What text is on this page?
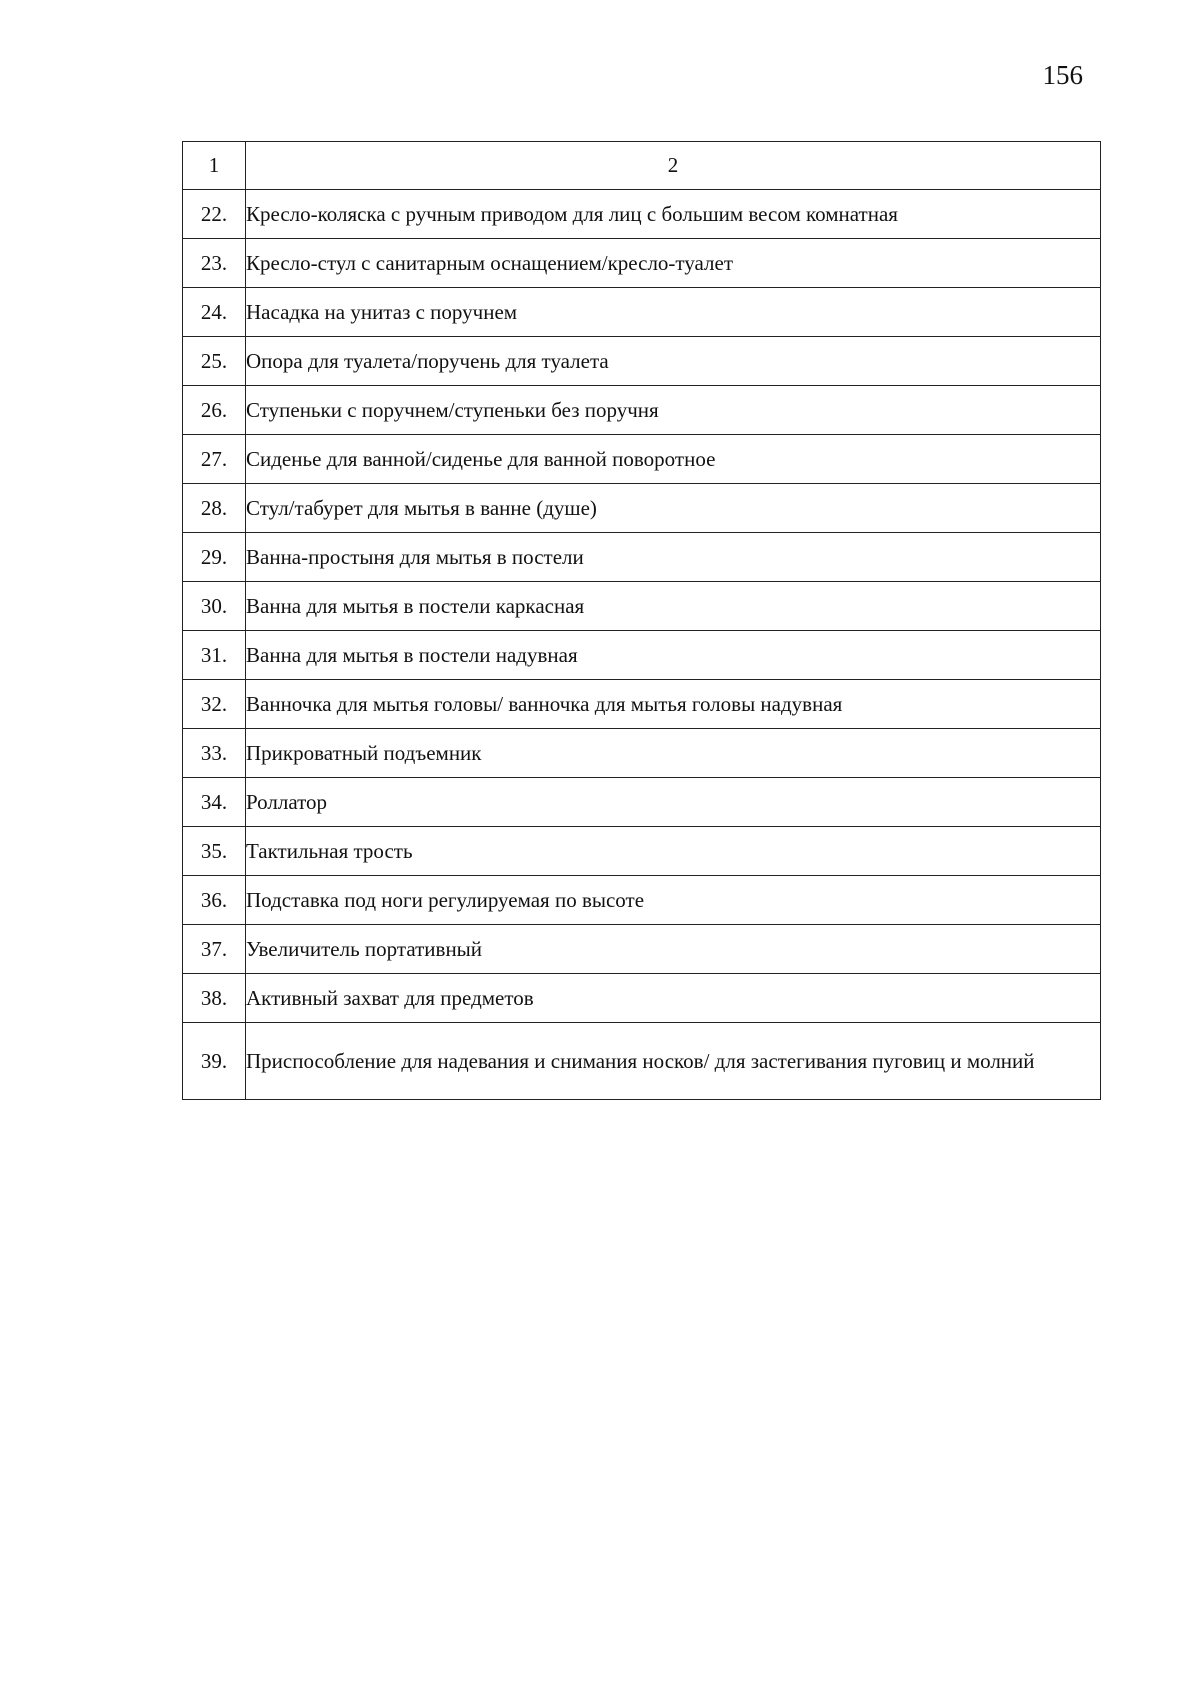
156
1	2
22.	Кресло-коляска с ручным приводом для лиц с большим весом комнатная
23.	Кресло-стул с санитарным оснащением/кресло-туалет
24.	Насадка на унитаз с поручнем
25.	Опора для туалета/поручень для туалета
26.	Ступеньки с поручнем/ступеньки без поручня
27.	Сиденье для ванной/сиденье для ванной поворотное
28.	Стул/табурет для мытья в ванне (душе)
29.	Ванна-простыня для мытья в постели
30.	Ванна для мытья в постели каркасная
31.	Ванна для мытья в постели надувная
32.	Ванночка для мытья головы/ ванночка для мытья головы надувная
33.	Прикроватный подъемник
34.	Роллатор
35.	Тактильная трость
36.	Подставка под ноги регулируемая по высоте
37.	Увеличитель портативный
38.	Активный захват для предметов
39.	Приспособление для надевания и снимания носков/ для застегивания пуговиц и молний
